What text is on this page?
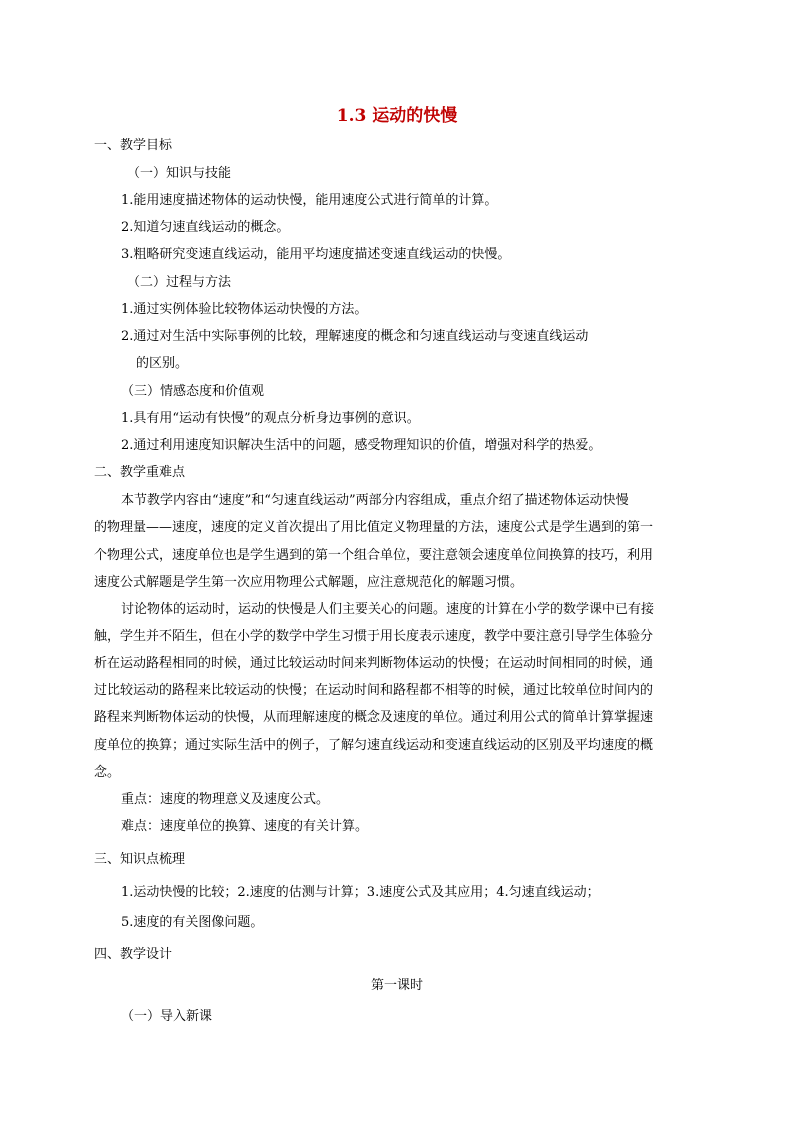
1.3 运动的快慢
一、教学目标
（一）知识与技能
1.能用速度描述物体的运动快慢，能用速度公式进行简单的计算。
2.知道匀速直线运动的概念。
3.粗略研究变速直线运动，能用平均速度描述变速直线运动的快慢。
（二）过程与方法
1.通过实例体验比较物体运动快慢的方法。
2.通过对生活中实际事例的比较，理解速度的概念和匀速直线运动与变速直线运动
的区别。
（三）情感态度和价值观
1.具有用“运动有快慢”的观点分析身边事例的意识。
2.通过利用速度知识解决生活中的问题，感受物理知识的价值，增强对科学的热爱。
二、教学重难点
本节教学内容由“速度”和“匀速直线运动”两部分内容组成，重点介绍了描述物体运动快慢
的物理量——速度，速度的定义首次提出了用比值定义物理量的方法，速度公式是学生遇到的第一
个物理公式，速度单位也是学生遇到的第一个组合单位，要注意领会速度单位间换算的技巧，利用
速度公式解题是学生第一次应用物理公式解题，应注意规范化的解题习惯。
讨论物体的运动时，运动的快慢是人们主要关心的问题。速度的计算在小学的数学课中已有接
触，学生并不陌生，但在小学的数学中学生习惯于用长度表示速度，教学中要注意引导学生体验分
析在运动路程相同的时候，通过比较运动时间来判断物体运动的快慢；在运动时间相同的时候，通
过比较运动的路程来比较运动的快慢；在运动时间和路程都不相等的时候，通过比较单位时间内的
路程来判断物体运动的快慢，从而理解速度的概念及速度的单位。通过利用公式的简单计算掌握速
度单位的换算；通过实际生活中的例子，了解匀速直线运动和变速直线运动的区别及平均速度的概
念。
重点：速度的物理意义及速度公式。
难点：速度单位的换算、速度的有关计算。
三、知识点梳理
1.运动快慢的比较；2.速度的估测与计算；3.速度公式及其应用；4.匀速直线运动；
5.速度的有关图像问题。
四、教学设计
第一课时
（一）导入新课
